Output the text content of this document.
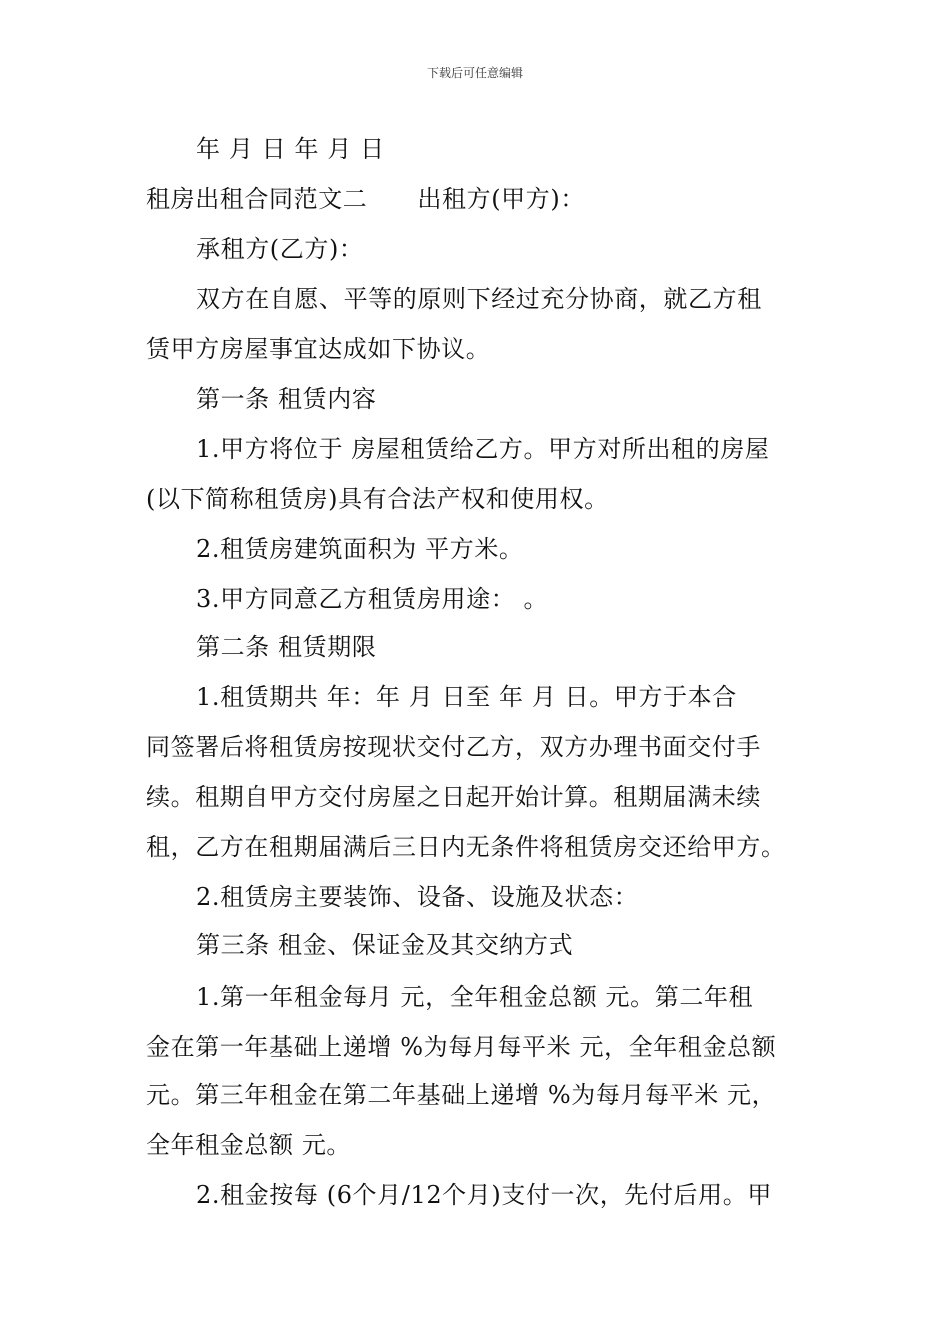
下载后可任意编辑
年 月 日 年 月 日
租房出租合同范文二 出租方(甲方)：
承租方(乙方)：
双方在自愿、平等的原则下经过充分协商，就乙方租
赁甲方房屋事宜达成如下协议。
第一条 租赁内容
1.甲方将位于 房屋租赁给乙方。甲方对所出租的房屋
(以下简称租赁房)具有合法产权和使用权。
2.租赁房建筑面积为 平方米。
3.甲方同意乙方租赁房用途： 。
第二条 租赁期限
1.租赁期共 年：年 月 日至 年 月 日。甲方于本合
同签署后将租赁房按现状交付乙方，双方办理书面交付手
续。租期自甲方交付房屋之日起开始计算。租期届满未续
租，乙方在租期届满后三日内无条件将租赁房交还给甲方。
2.租赁房主要装饰、设备、设施及状态：
第三条 租金、保证金及其交纳方式
1.第一年租金每月 元，全年租金总额 元。第二年租
金在第一年基础上递增 %为每月每平米 元，全年租金总额
元。第三年租金在第二年基础上递增 %为每月每平米 元，
全年租金总额 元。
2.租金按每 (6个月/12个月)支付一次，先付后用。甲
